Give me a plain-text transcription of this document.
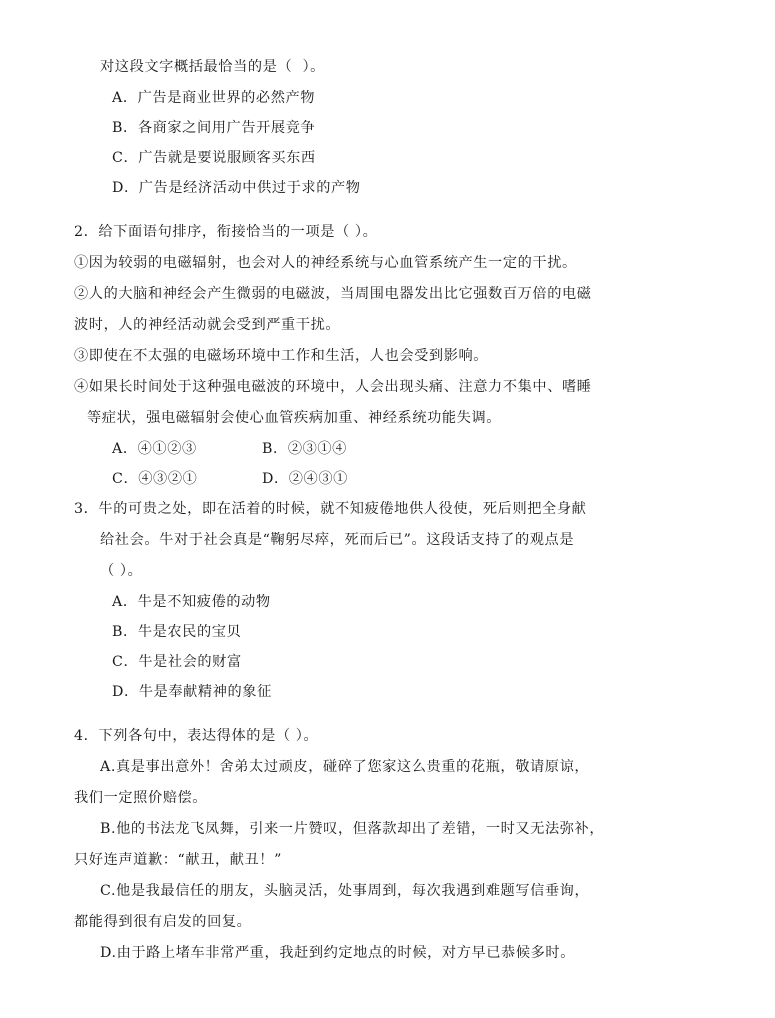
对这段文字概括最恰当的是（  ）。
A．广告是商业世界的必然产物
B．各商家之间用广告开展竞争
C．广告就是要说服顾客买东西
D．广告是经济活动中供过于求的产物
2．给下面语句排序，衔接恰当的一项是（ ）。
①因为较弱的电磁辐射，也会对人的神经系统与心血管系统产生一定的干扰。
②人的大脑和神经会产生微弱的电磁波，当周围电器发出比它强数百万倍的电磁
波时，人的神经活动就会受到严重干扰。
③即使在不太强的电磁场环境中工作和生活，人也会受到影响。
④如果长时间处于这种强电磁波的环境中，人会出现头痛、注意力不集中、嗜睡
等症状，强电磁辐射会使心血管疾病加重、神经系统功能失调。
A．④①②③	B．②③①④
C．④③②①	D．②④③①
3．牛的可贵之处，即在活着的时候，就不知疲倦地供人役使，死后则把全身献
给社会。牛对于社会真是“鞠躬尽瘁，死而后已”。这段话支持了的观点是
（ ）。
A．牛是不知疲倦的动物
B．牛是农民的宝贝
C．牛是社会的财富
D．牛是奉献精神的象征
4．下列各句中，表达得体的是（ ）。
A.真是事出意外！舍弟太过顽皮，碰碎了您家这么贵重的花瓶，敬请原谅，
我们一定照价赔偿。
B.他的书法龙飞凤舞，引来一片赞叹，但落款却出了差错，一时又无法弥补，
只好连声道歉：“献丑，献丑！”
C.他是我最信任的朋友，头脑灵活，处事周到，每次我遇到难题写信垂询，
都能得到很有启发的回复。
D.由于路上堵车非常严重，我赶到约定地点的时候，对方早已恭候多时。
